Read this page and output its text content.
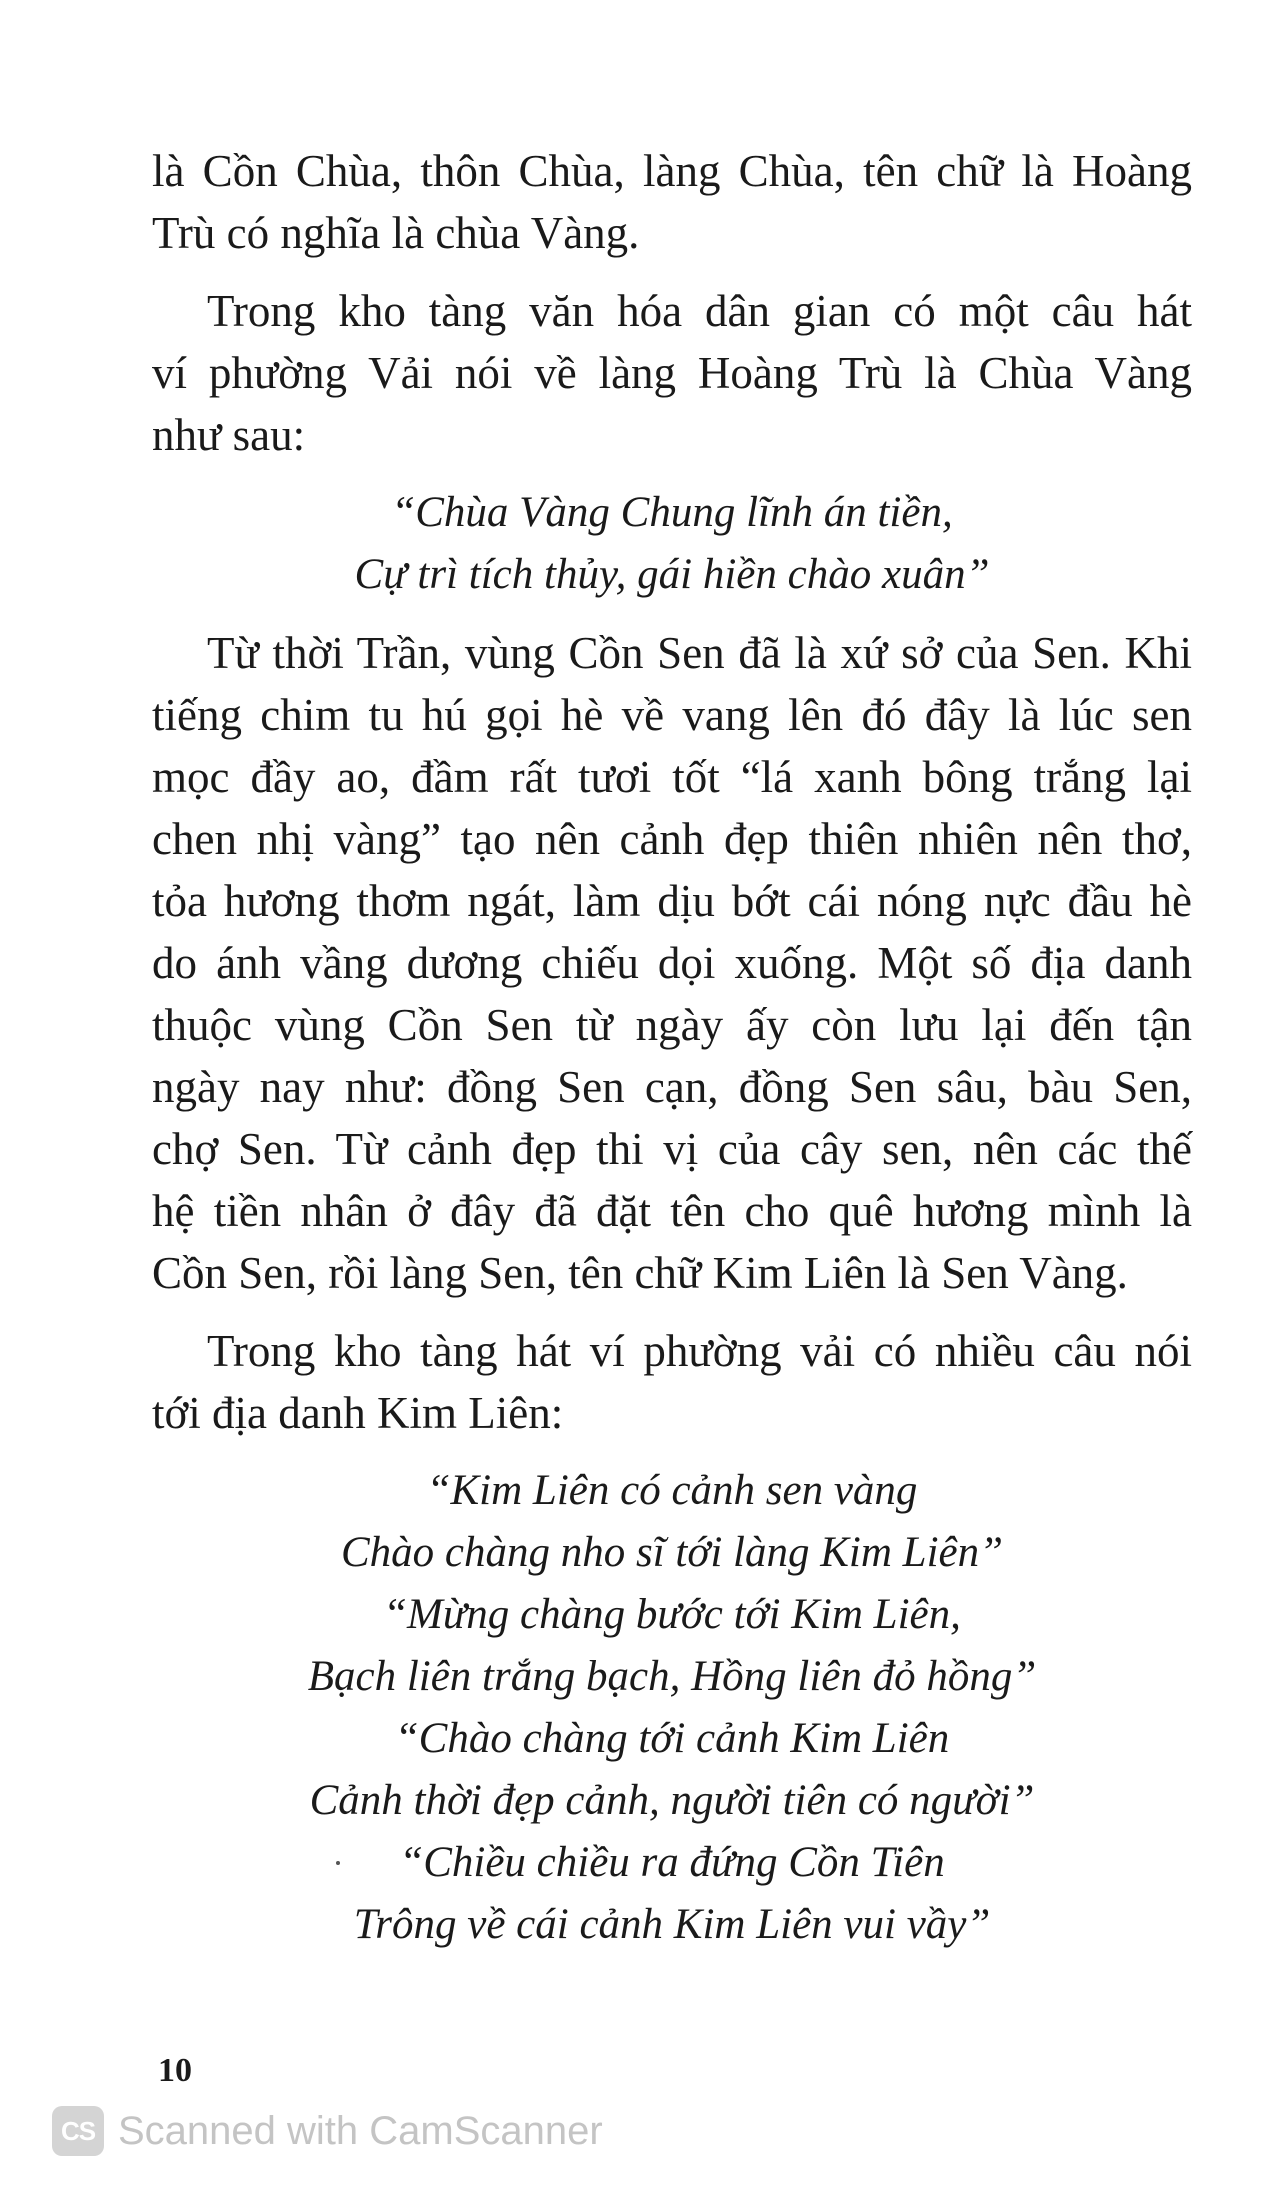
là Cồn Chùa, thôn Chùa, làng Chùa, tên chữ là Hoàng
Trù có nghĩa là chùa Vàng.
Trong kho tàng văn hóa dân gian có một câu hát
ví phường Vải nói về làng Hoàng Trù là Chùa Vàng
như sau:
“Chùa Vàng Chung lĩnh án tiền,
Cự trì tích thủy, gái hiền chào xuân”
Từ thời Trần, vùng Cồn Sen đã là xứ sở của Sen. Khi
tiếng chim tu hú gọi hè về vang lên đó đây là lúc sen
mọc đầy ao, đầm rất tươi tốt “lá xanh bông trắng lại
chen nhị vàng” tạo nên cảnh đẹp thiên nhiên nên thơ,
tỏa hương thơm ngát, làm dịu bớt cái nóng nực đầu hè
do ánh vầng dương chiếu dọi xuống. Một số địa danh
thuộc vùng Cồn Sen từ ngày ấy còn lưu lại đến tận
ngày nay như: đồng Sen cạn, đồng Sen sâu, bàu Sen,
chợ Sen. Từ cảnh đẹp thi vị của cây sen, nên các thế
hệ tiền nhân ở đây đã đặt tên cho quê hương mình là
Cồn Sen, rồi làng Sen, tên chữ Kim Liên là Sen Vàng.
Trong kho tàng hát ví phường vải có nhiều câu nói
tới địa danh Kim Liên:
“Kim Liên có cảnh sen vàng
Chào chàng nho sĩ tới làng Kim Liên”
“Mừng chàng bước tới Kim Liên,
Bạch liên trắng bạch, Hồng liên đỏ hồng”
“Chào chàng tới cảnh Kim Liên
Cảnh thời đẹp cảnh, người tiên có người”
“Chiều chiều ra đứng Cồn Tiên
Trông về cái cảnh Kim Liên vui vầy”
10
CS Scanned with CamScanner
